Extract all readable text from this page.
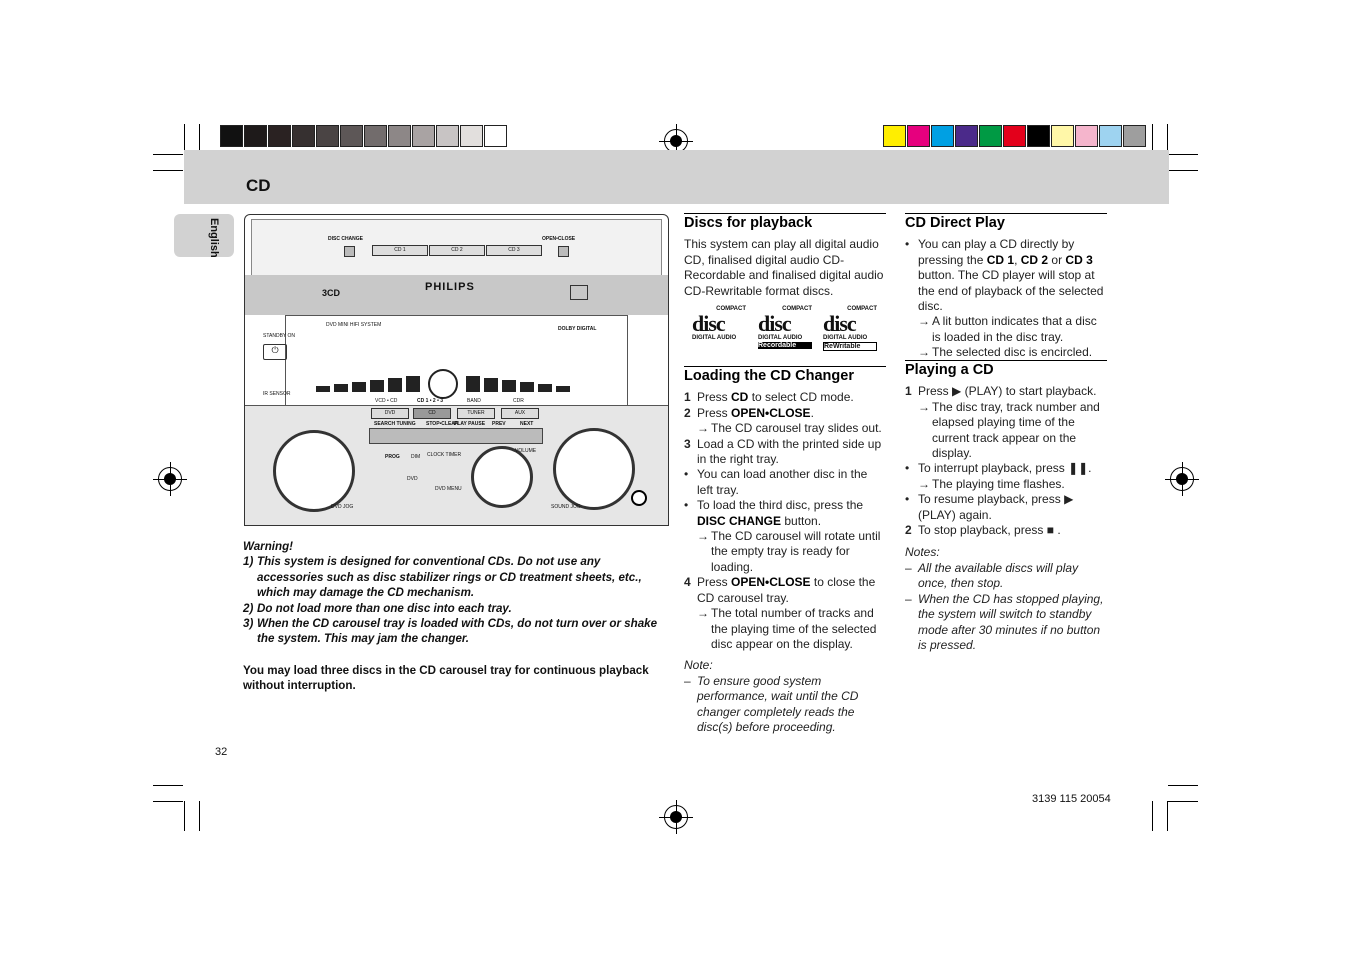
CD
English	DISC CHANGE	OPEN•CLOSE
CD 1	CD 2	CD 3
PHILIPS
3CD
DVD MINI HIFI SYSTEM
DOLBY DIGITAL
STANDBY ON
⏻
IR SENSOR
VCD • CD	CD 1 • 2 • 3	BAND	CDR
DVD	CD	TUNER	AUX
SEARCH TUNING STOP•CLEAR
PLAY PAUSE PREV	NEXT
VOLUME
PROG DIM CLOCK TIMER
DVD
DVD MENU
DVD JOG	SOUND JOG
Warning!
1) This system is designed for conventional CDs. Do not use any accessories such as disc stabilizer rings or CD treatment sheets, etc., which may damage the CD mechanism.
2) Do not load more than one disc into each tray.
3) When the CD carousel tray is loaded with CDs, do not turn over or shake the system. This may jam the changer.
You may load three discs in the CD carousel tray for continuous playback without interruption.
32
3139 115 20054
Discs for playback
This system can play all digital audio CD, finalised digital audio CD-Recordable and finalised digital audio CD-Rewritable format discs.
COMPACT
disc
DIGITAL AUDIO
COMPACT
disc
DIGITAL AUDIO
Recordable
COMPACT
disc
DIGITAL AUDIO
ReWritable
Loading the CD Changer
1 Press CD to select CD mode.
2 Press OPEN•CLOSE.
→ The CD carousel tray slides out.
3 Load a CD with the printed side up in the right tray.
• You can load another disc in the left tray.
• To load the third disc, press the DISC CHANGE button.
→ The CD carousel will rotate until the empty tray is ready for loading.
4 Press OPEN•CLOSE to close the CD carousel tray.
→ The total number of tracks and the playing time of the selected disc appear on the display.
Note:
– To ensure good system performance, wait until the CD changer completely reads the disc(s) before proceeding.
CD Direct Play
• You can play a CD directly by pressing the CD 1, CD 2 or CD 3 button. The CD player will stop at the end of playback of the selected disc.
→ A lit button indicates that a disc is loaded in the disc tray.
→ The selected disc is encircled.
Playing a CD
1 Press ▶ (PLAY) to start playback.
→ The disc tray, track number and elapsed playing time of the current track appear on the display.
• To interrupt playback, press ❚❚.
→ The playing time flashes.
• To resume playback, press ▶ (PLAY) again.
2 To stop playback, press ■ .
Notes:
– All the available discs will play once, then stop.
– When the CD has stopped playing, the system will switch to standby mode after 30 minutes if no button is pressed.
